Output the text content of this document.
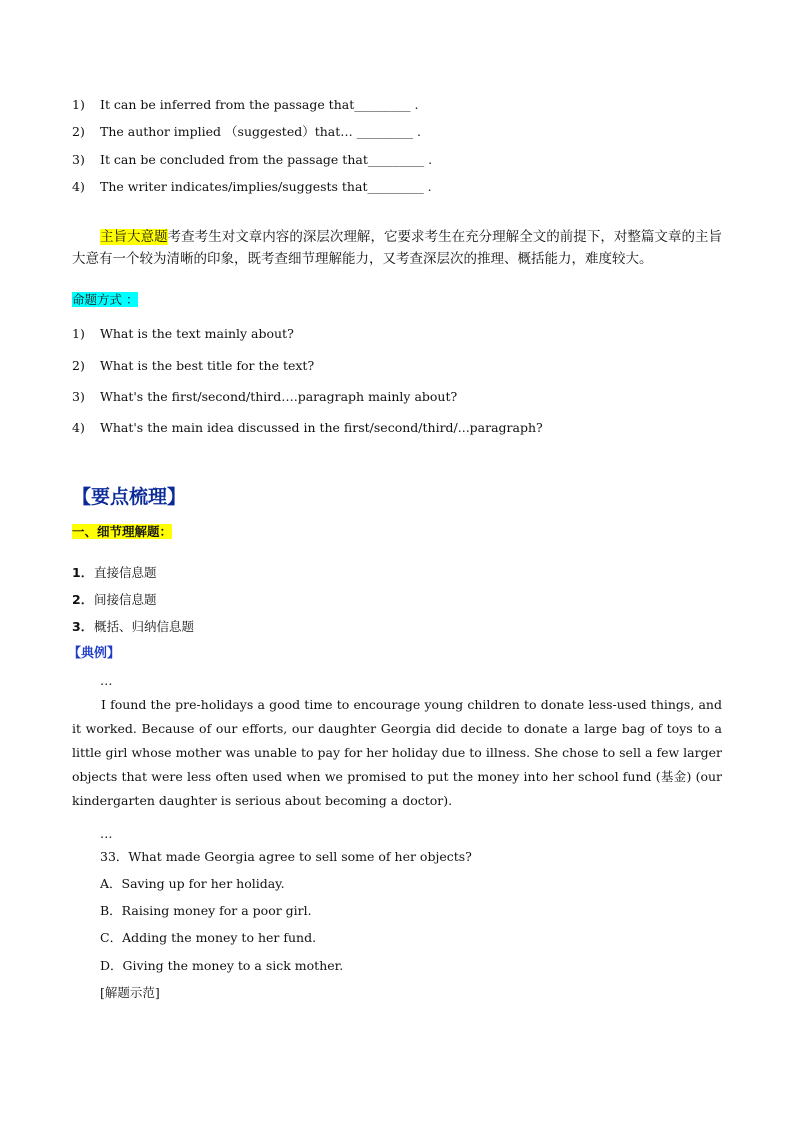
1) It can be inferred from the passage that_________ .
2) The author implied （suggested）that… _________ .
3) It can be concluded from the passage that_________ .
4) The writer indicates/implies/suggests that_________ .
主旨大意题考查考生对文章内容的深层次理解，它要求考生在充分理解全文的前提下，对整篇文章的主旨大意有一个较为清晰的印象，既考查细节理解能力，又考查深层次的推理、概括能力，难度较大。
命题方式 ：
1) What is the text mainly about?
2) What is the best title for the text?
3) What's the first/second/third….paragraph mainly about?
4) What's the main idea discussed in the first/second/third/...paragraph?
【要点梳理】
一、细节理解题：
1．直接信息题
2．间接信息题
3．概括、归纳信息题
【典例】
…
I found the pre-holidays a good time to encourage young children to donate less-used things, and it worked. Because of our efforts, our daughter Georgia did decide to donate a large bag of toys to a little girl whose mother was unable to pay for her holiday due to illness. She chose to sell a few larger objects that were less often used when we promised to put the money into her school fund (基金) (our kindergarten daughter is serious about becoming a doctor).
…
33．What made Georgia agree to sell some of her objects?
A．Saving up for her holiday.
B．Raising money for a poor girl.
C．Adding the money to her fund.
D．Giving the money to a sick mother.
[解题示范]
